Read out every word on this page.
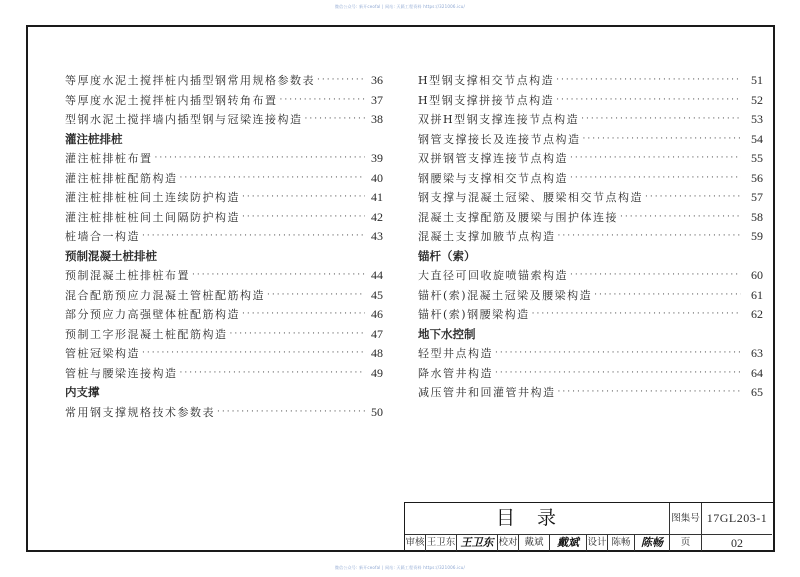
微信公众号: 新开ceofal | 网站: 天籁工程资料 https://321006.icu/
等厚度水泥土搅拌桩内插型钢常用规格参数表 ·····	36
等厚度水泥土搅拌桩内插型钢转角布置 ·····	37
型钢水泥土搅拌墙内插型钢与冠梁连接构造 ·····	38
灌注桩排桩
灌注桩排桩布置 ·····	39
灌注桩排桩配筋构造 ·····	40
灌注桩排桩桩间土连续防护构造 ·····	41
灌注桩排桩桩间土间隔防护构造 ·····	42
桩墙合一构造 ·····	43
预制混凝土桩排桩
预制混凝土桩排桩布置 ·····	44
混合配筋预应力混凝土管桩配筋构造 ·····	45
部分预应力高强壁体桩配筋构造 ·····	46
预制工字形混凝土桩配筋构造 ·····	47
管桩冠梁构造 ·····	48
管桩与腰梁连接构造 ·····	49
内支撑
常用钢支撑规格技术参数表 ·····	50
H型钢支撑相交节点构造 ·····	51
H型钢支撑拼接节点构造 ·····	52
双拼H型钢支撑连接节点构造 ·····	53
钢管支撑接长及连接节点构造 ·····	54
双拼钢管支撑连接节点构造 ·····	55
钢腰梁与支撑相交节点构造 ·····	56
钢支撑与混凝土冠梁、腰梁相交节点构造 ·····	57
混凝土支撑配筋及腰梁与围护体连接 ·····	58
混凝土支撑加腋节点构造 ·····	59
锚杆（索）
大直径可回收旋喷锚索构造 ·····	60
锚杆(索)混凝土冠梁及腰梁构造 ·····	61
锚杆(索)钢腰梁构造 ·····	62
地下水控制
轻型井点构造 ·····	63
降水管井构造 ·····	64
减压管井和回灌管井构造 ·····	65
目录	图集号 17GL203-1
审核 王卫东 王卫东 校对 戴斌	戴斌 设计 陈畅 陈畅	页	02
微信公众号: 新开ceofal | 网站: 天籁工程资料 https://321006.icu/
